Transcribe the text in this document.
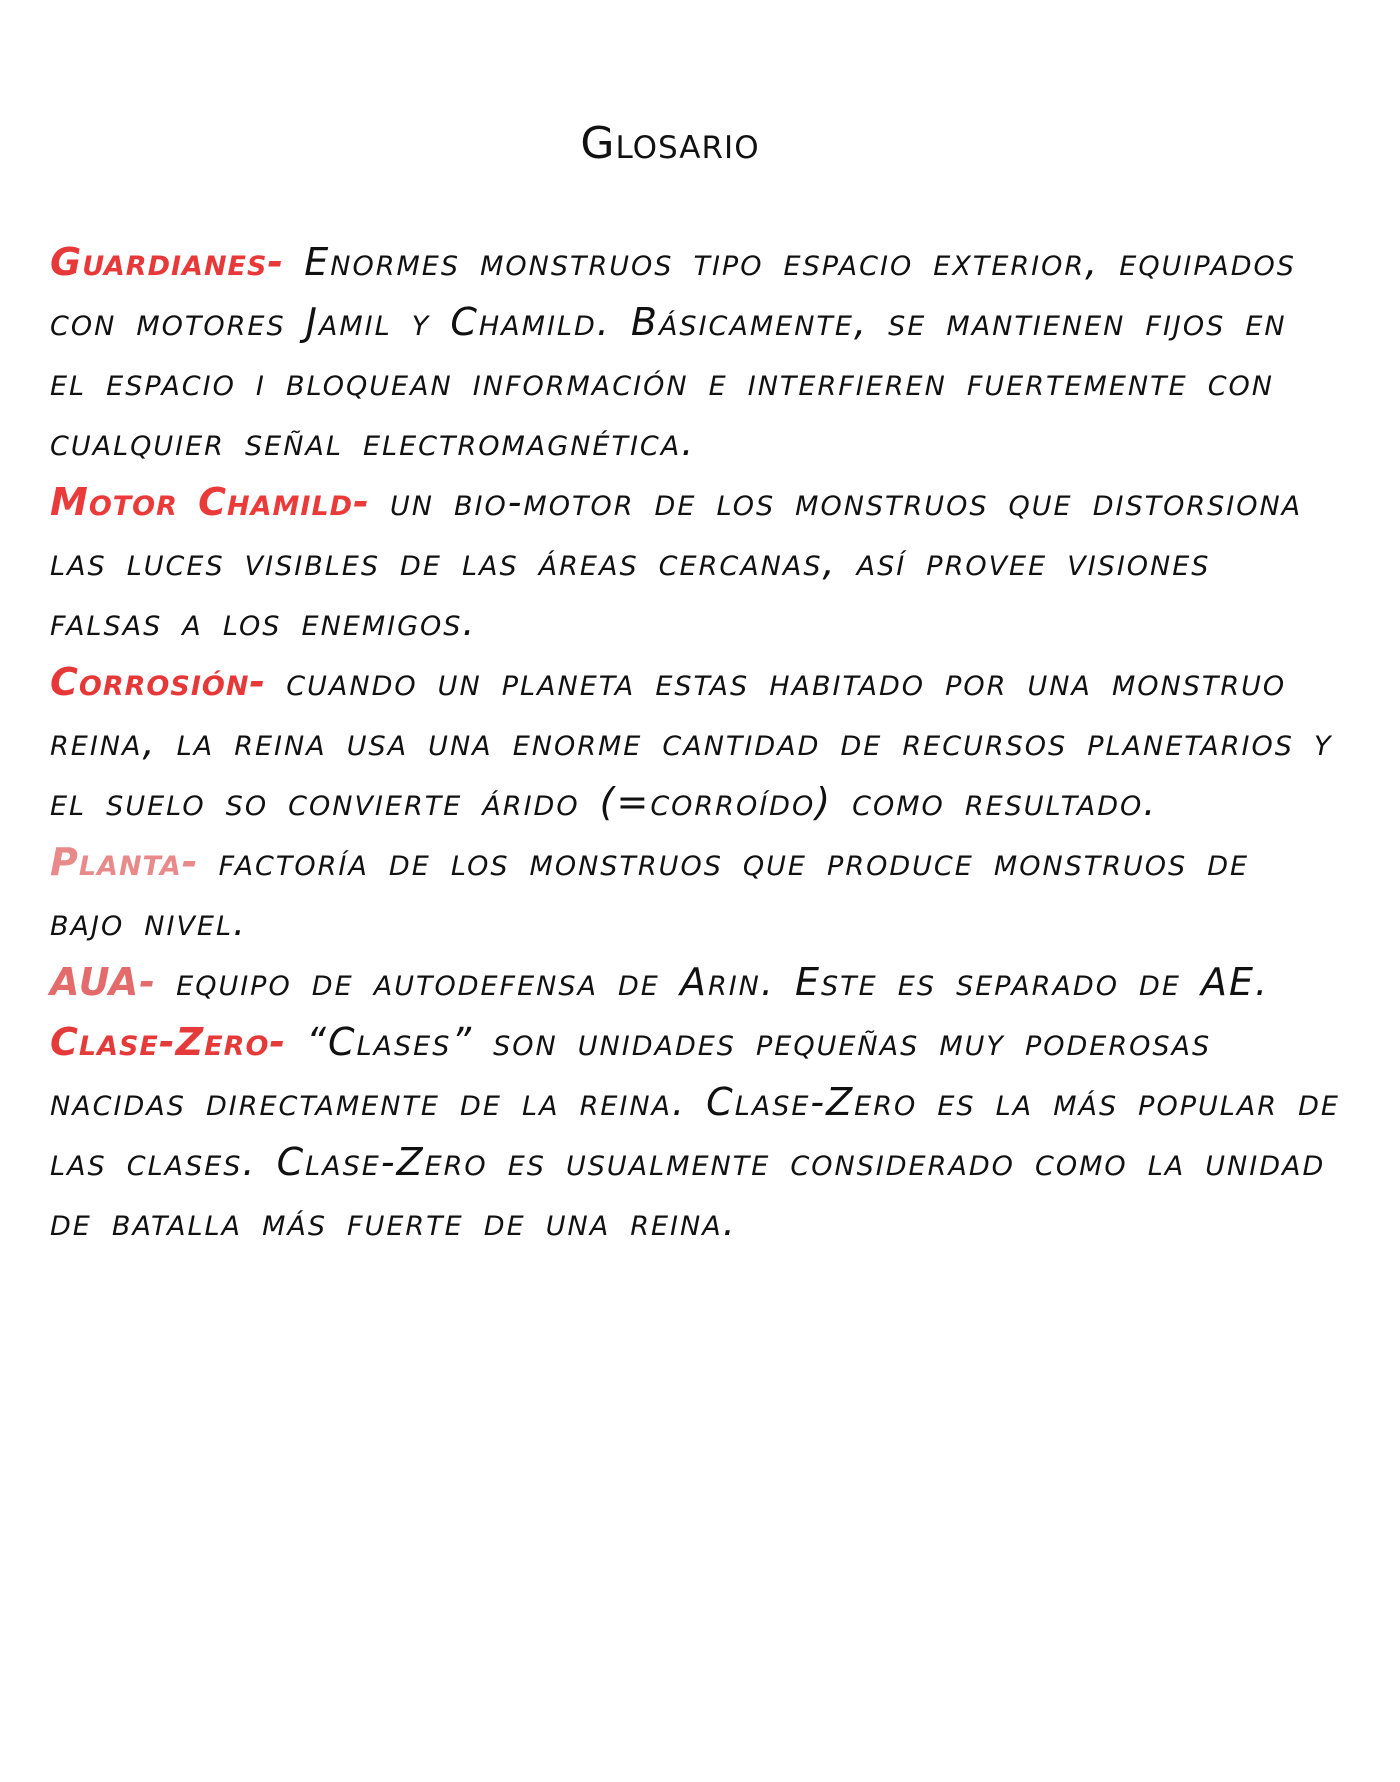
Glosario

Guardianes- Enormes monstruos tipo espacio exterior, equipados con motores Jamil y Chamild. Básicamente, se mantienen fijos en el espacio i bloquean información e interfieren fuertemente con cualquier señal electromagnética.

Motor Chamild- un bio-motor de los monstruos que distorsiona las luces visibles de las áreas cercanas, así provee visiones falsas a los enemigos.

Corrosión- cuando un planeta estas habitado por una monstruo reina, la reina usa una enorme cantidad de recursos planetarios y el suelo so convierte árido (=corroído) como resultado.

Planta- factoría de los monstruos que produce monstruos de bajo nivel.

AUA- equipo de autodefensa de Arin. Este es separado de AE.

Clase-Zero- “Clases” son unidades pequeñas muy poderosas nacidas directamente de la reina. Clase-Zero es la más popular de las clases. Clase-Zero es usualmente considerado como la unidad de batalla más fuerte de una reina.
